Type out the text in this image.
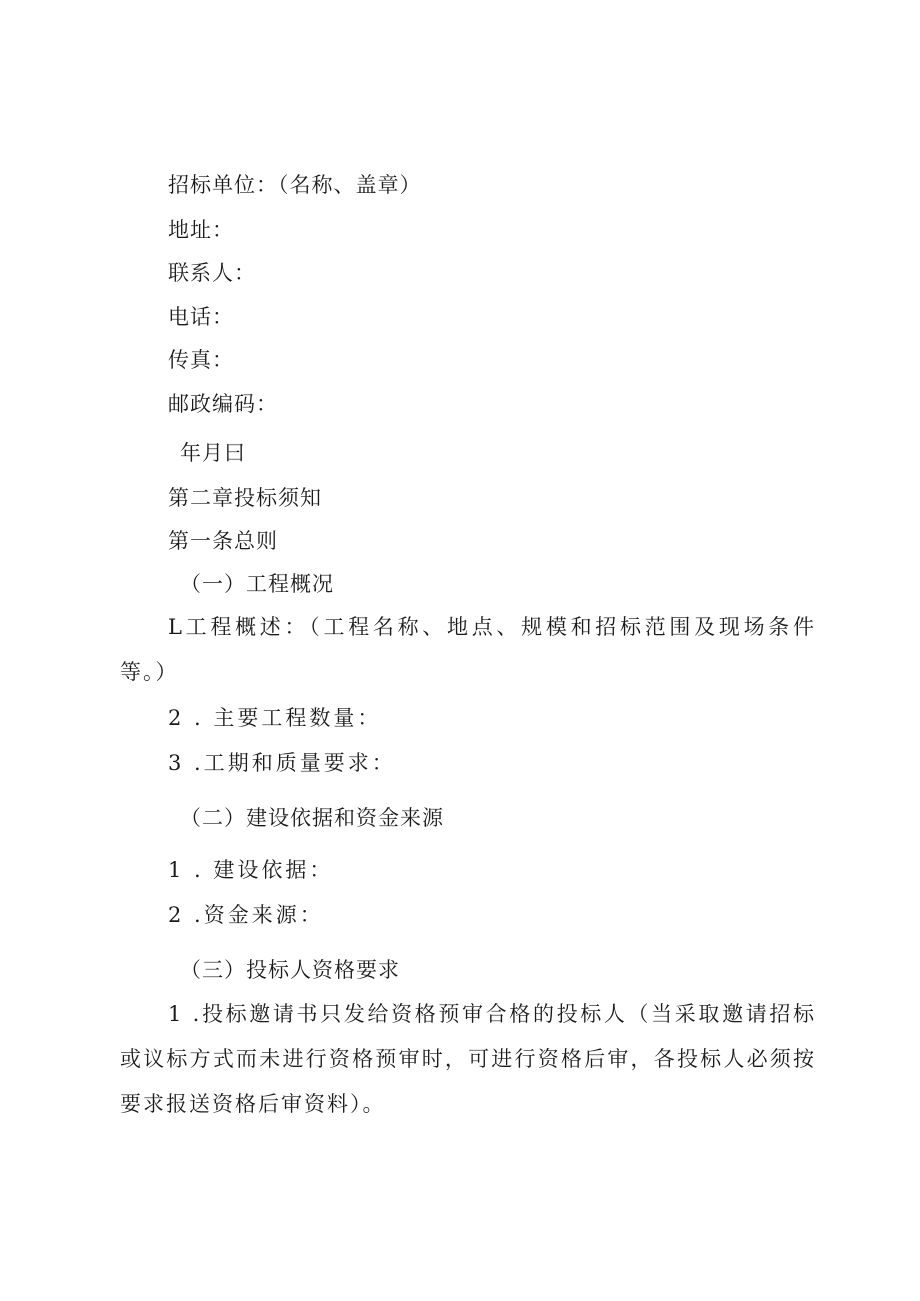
招标单位：（名称、盖章）
地址：
联系人：
电话：
传真：
邮政编码：
年月曰
第二章投标须知
第一条总则
（一）工程概况
L工程概述：（工程名称、地点、规模和招标范围及现场条件等。）
2 . 主要工程数量：
3 .工期和质量要求：
（二）建设依据和资金来源
1 . 建设依据：
2 .资金来源：
（三）投标人资格要求
1 .投标邀请书只发给资格预审合格的投标人（当采取邀请招标或议标方式而未进行资格预审时，可进行资格后审，各投标人必须按要求报送资格后审资料）。
